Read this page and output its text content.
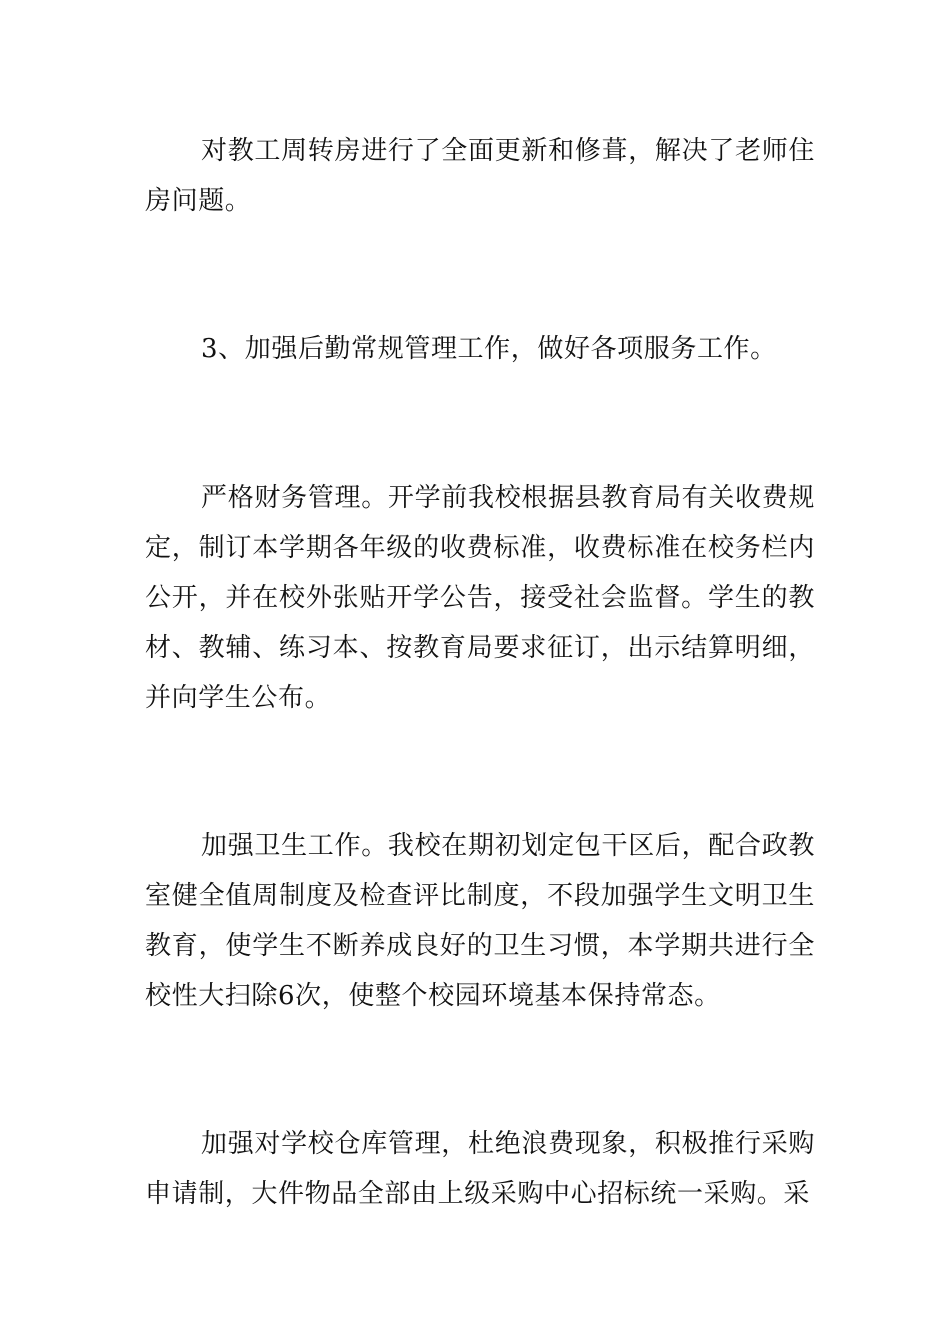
对教工周转房进行了全面更新和修葺，解决了老师住房问题。

3、加强后勤常规管理工作，做好各项服务工作。

严格财务管理。开学前我校根据县教育局有关收费规定，制订本学期各年级的收费标准，收费标准在校务栏内公开，并在校外张贴开学公告，接受社会监督。学生的教材、教辅、练习本、按教育局要求征订，出示结算明细，并向学生公布。

加强卫生工作。我校在期初划定包干区后，配合政教室健全值周制度及检查评比制度，不段加强学生文明卫生教育，使学生不断养成良好的卫生习惯，本学期共进行全校性大扫除6次，使整个校园环境基本保持常态。

加强对学校仓库管理，杜绝浪费现象，积极推行采购申请制，大件物品全部由上级采购中心招标统一采购。采
